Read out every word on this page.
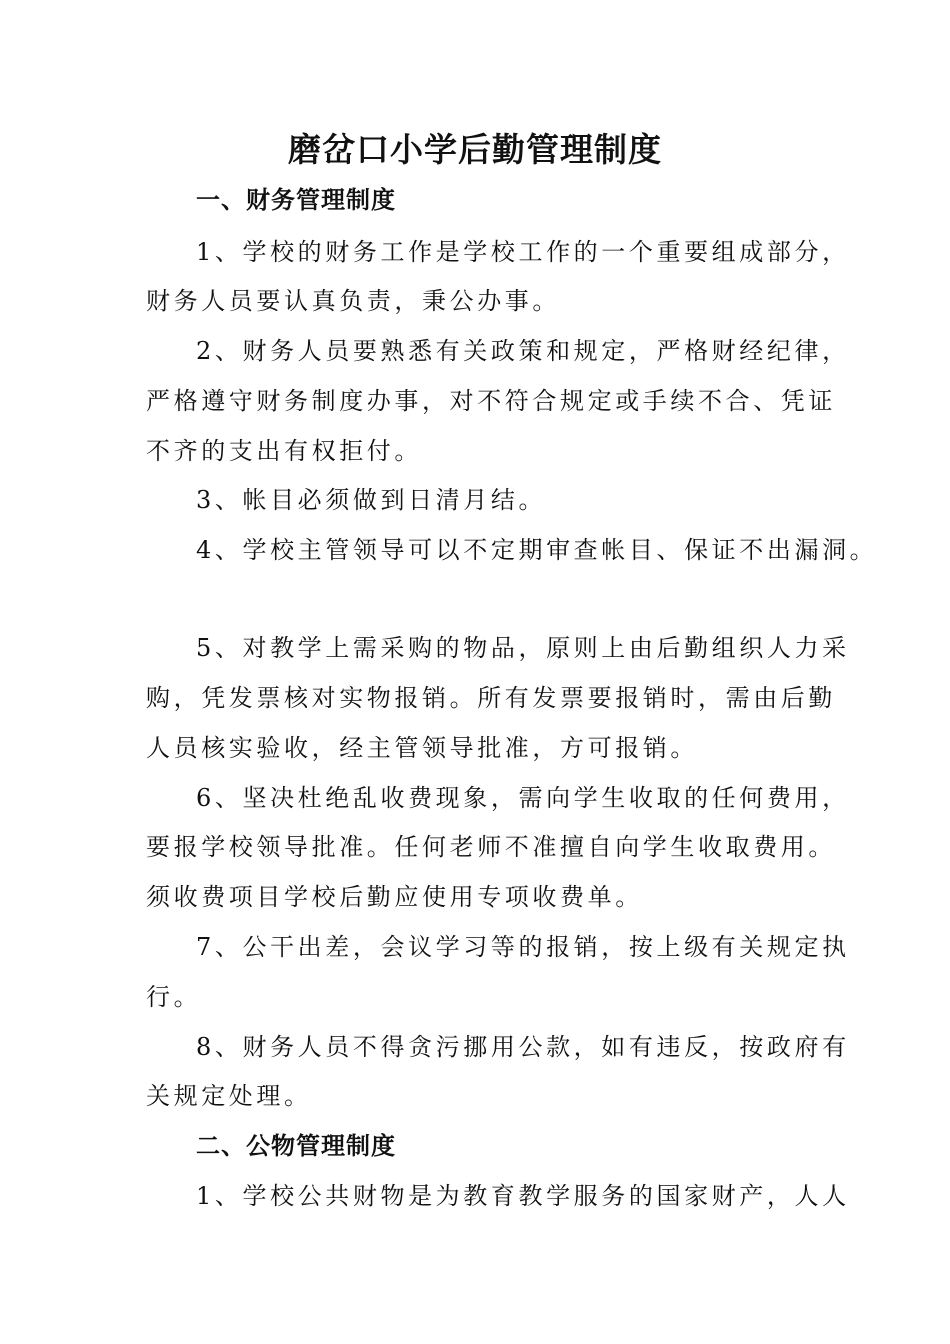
磨岔口小学后勤管理制度

一、财务管理制度

1、学校的财务工作是学校工作的一个重要组成部分，

财务人员要认真负责，秉公办事。

2、财务人员要熟悉有关政策和规定，严格财经纪律，

严格遵守财务制度办事，对不符合规定或手续不合、凭证

不齐的支出有权拒付。

3、帐目必须做到日清月结。

4、学校主管领导可以不定期审查帐目、保证不出漏洞。

5、对教学上需采购的物品，原则上由后勤组织人力采

购，凭发票核对实物报销。所有发票要报销时，需由后勤

人员核实验收，经主管领导批准，方可报销。

6、坚决杜绝乱收费现象，需向学生收取的任何费用，

要报学校领导批准。任何老师不准擅自向学生收取费用。

须收费项目学校后勤应使用专项收费单。

7、公干出差，会议学习等的报销，按上级有关规定执

行。

8、财务人员不得贪污挪用公款，如有违反，按政府有

关规定处理。

二、公物管理制度

1、学校公共财物是为教育教学服务的国家财产，人人
